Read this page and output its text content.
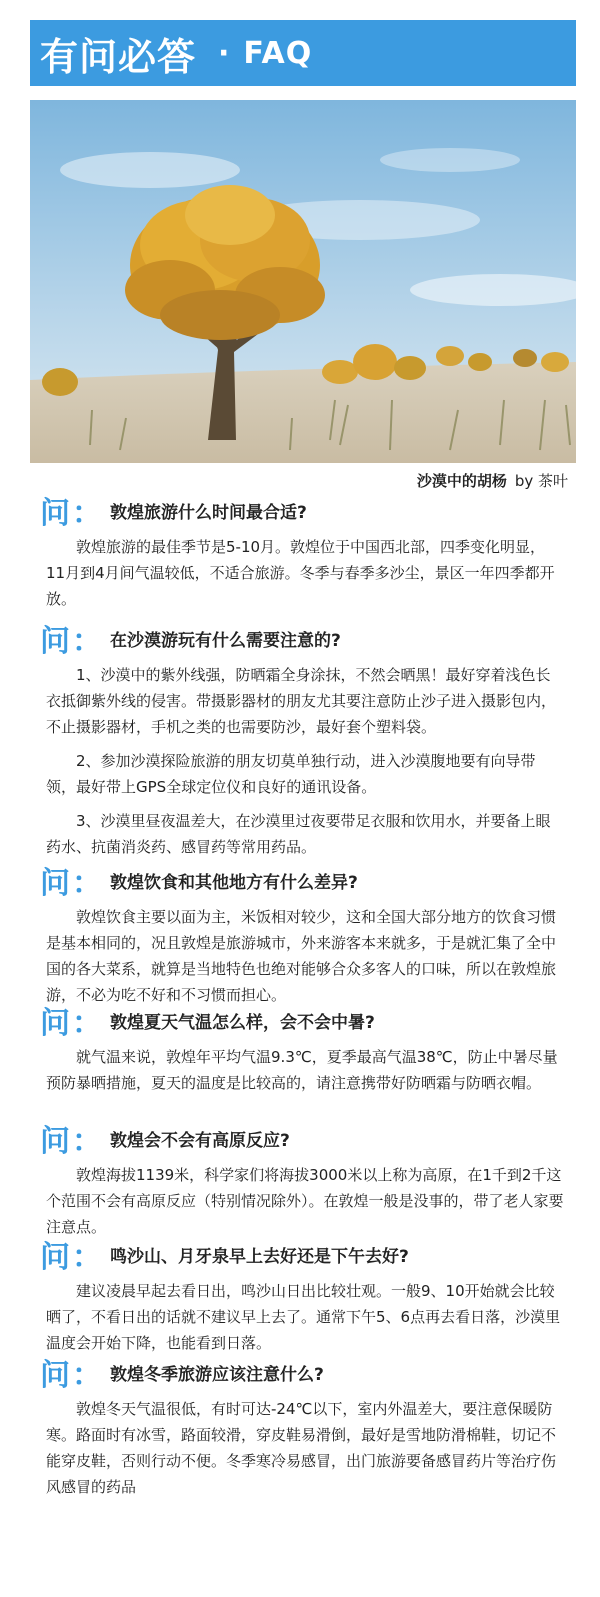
有问必答 · FAQ
沙漠中的胡杨 by 茶叶
问： 敦煌旅游什么时间最合适?

敦煌旅游的最佳季节是5-10月。敦煌位于中国西北部，四季变化明显，11月到4月间气温较低，不适合旅游。冬季与春季多沙尘，景区一年四季都开放。

问： 在沙漠游玩有什么需要注意的?

1、沙漠中的紫外线强，防晒霜全身涂抹，不然会晒黑！最好穿着浅色长衣抵御紫外线的侵害。带摄影器材的朋友尤其要注意防止沙子进入摄影包内，不止摄影器材，手机之类的也需要防沙，最好套个塑料袋。

2、参加沙漠探险旅游的朋友切莫单独行动，进入沙漠腹地要有向导带领，最好带上GPS全球定位仪和良好的通讯设备。

3、沙漠里昼夜温差大，在沙漠里过夜要带足衣服和饮用水，并要备上眼药水、抗菌消炎药、感冒药等常用药品。

问： 敦煌饮食和其他地方有什么差异?

敦煌饮食主要以面为主，米饭相对较少，这和全国大部分地方的饮食习惯是基本相同的，况且敦煌是旅游城市，外来游客本来就多，于是就汇集了全中国的各大菜系，就算是当地特色也绝对能够合众多客人的口味，所以在敦煌旅游，不必为吃不好和不习惯而担心。

问： 敦煌夏天气温怎么样，会不会中暑?

就气温来说，敦煌年平均气温9.3℃，夏季最高气温38℃，防止中暑尽量预防暴晒措施，夏天的温度是比较高的，请注意携带好防晒霜与防晒衣帽。

问： 敦煌会不会有高原反应?

敦煌海拔1139米，科学家们将海拔3000米以上称为高原，在1千到2千这个范围不会有高原反应（特别情况除外）。在敦煌一般是没事的，带了老人家要注意点。

问： 鸣沙山、月牙泉早上去好还是下午去好?

建议凌晨早起去看日出，鸣沙山日出比较壮观。一般9、10开始就会比较晒了，不看日出的话就不建议早上去了。通常下午5、6点再去看日落，沙漠里温度会开始下降，也能看到日落。

问： 敦煌冬季旅游应该注意什么?

敦煌冬天气温很低，有时可达-24℃以下，室内外温差大，要注意保暖防寒。路面时有冰雪，路面较滑，穿皮鞋易滑倒，最好是雪地防滑棉鞋，切记不能穿皮鞋，否则行动不便。冬季寒冷易感冒，出门旅游要备感冒药片等治疗伤风感冒的药品
